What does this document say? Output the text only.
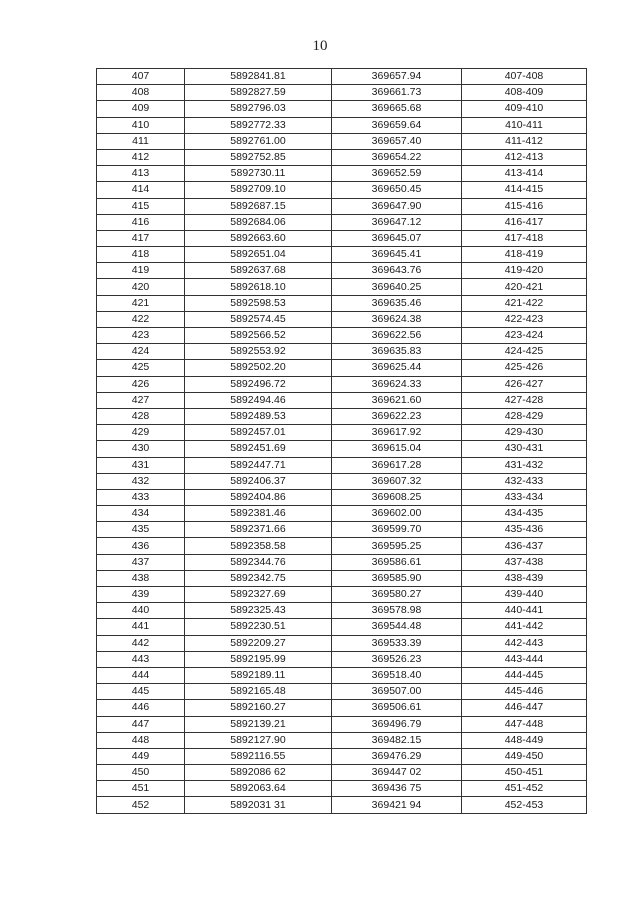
10
407	5892841.81	369657.94	407-408
408	5892827.59	369661.73	408-409
409	5892796.03	369665.68	409-410
410	5892772.33	369659.64	410-411
411	5892761.00	369657.40	411-412
412	5892752.85	369654.22	412-413
413	5892730.11	369652.59	413-414
414	5892709.10	369650.45	414-415
415	5892687.15	369647.90	415-416
416	5892684.06	369647.12	416-417
417	5892663.60	369645.07	417-418
418	5892651.04	369645.41	418-419
419	5892637.68	369643.76	419-420
420	5892618.10	369640.25	420-421
421	5892598.53	369635.46	421-422
422	5892574.45	369624.38	422-423
423	5892566.52	369622.56	423-424
424	5892553.92	369635.83	424-425
425	5892502.20	369625.44	425-426
426	5892496.72	369624.33	426-427
427	5892494.46	369621.60	427-428
428	5892489.53	369622.23	428-429
429	5892457.01	369617.92	429-430
430	5892451.69	369615.04	430-431
431	5892447.71	369617.28	431-432
432	5892406.37	369607.32	432-433
433	5892404.86	369608.25	433-434
434	5892381.46	369602.00	434-435
435	5892371.66	369599.70	435-436
436	5892358.58	369595.25	436-437
437	5892344.76	369586.61	437-438
438	5892342.75	369585.90	438-439
439	5892327.69	369580.27	439-440
440	5892325.43	369578.98	440-441
441	5892230.51	369544.48	441-442
442	5892209.27	369533.39	442-443
443	5892195.99	369526.23	443-444
444	5892189.11	369518.40	444-445
445	5892165.48	369507.00	445-446
446	5892160.27	369506.61	446-447
447	5892139.21	369496.79	447-448
448	5892127.90	369482.15	448-449
449	5892116.55	369476.29	449-450
450	5892086 62	369447 02	450-451
451	5892063.64	369436 75	451-452
452	5892031 31	369421 94	452-453
